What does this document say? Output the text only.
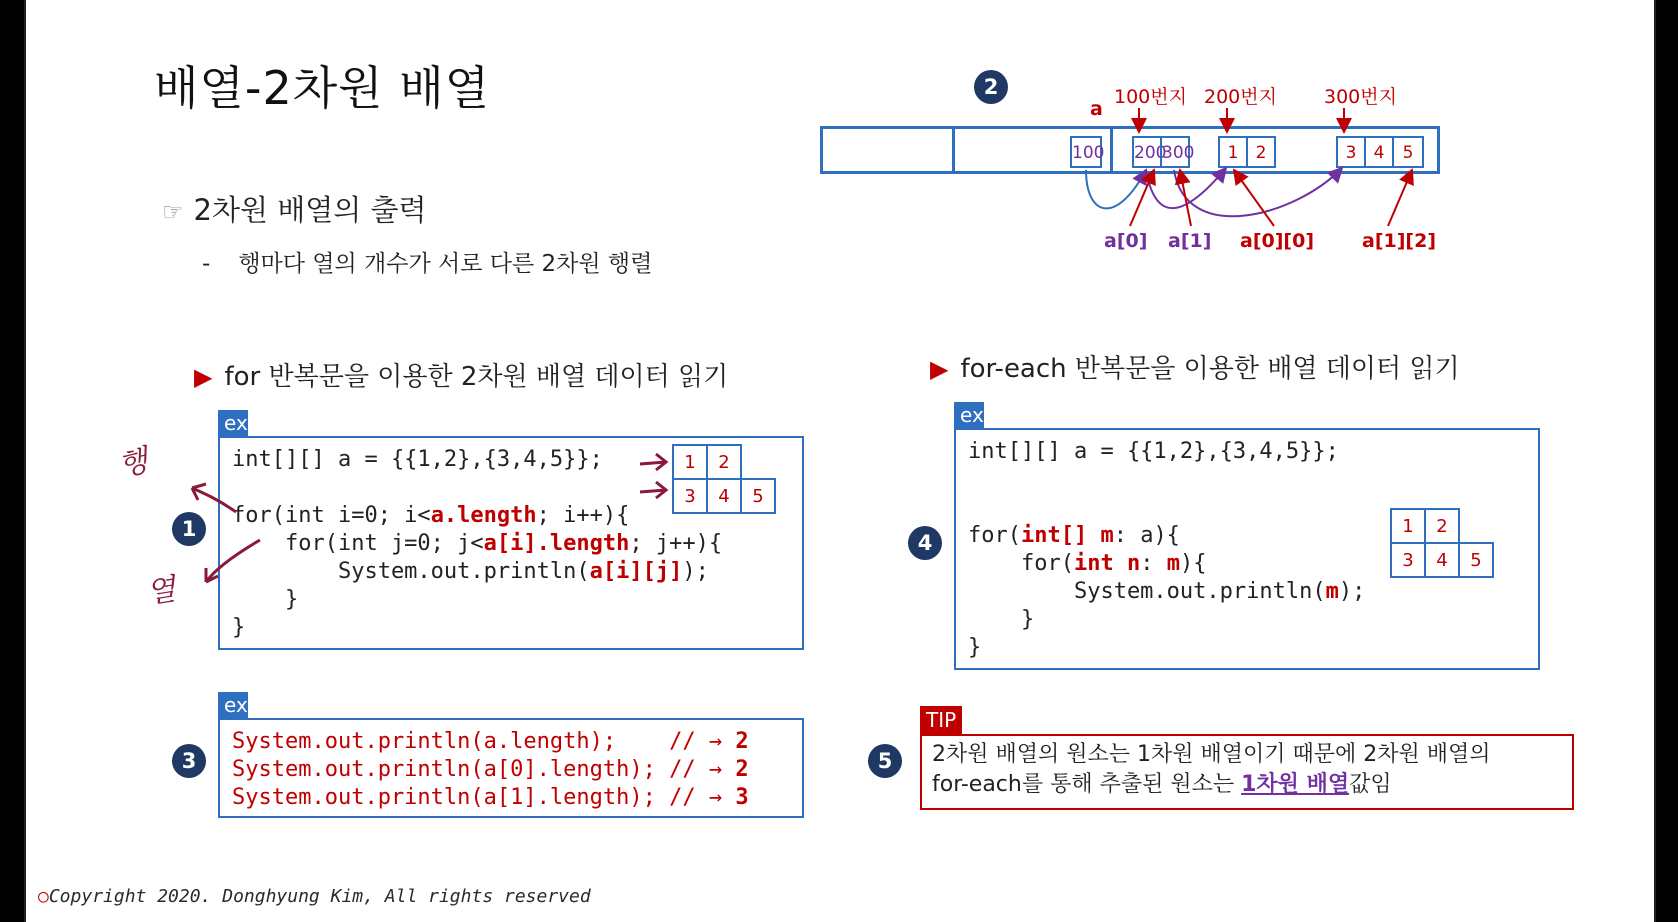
배열-2차원 배열
☞ 2차원 배열의 출력
- 행마다 열의 개수가 서로 다른 2차원 행렬
2	100번지 200번지 300번지
a
100 200
300	1	2	3	4	5
a[0] a[1] a[0][0]	a[1][2]
▶ for 반복문을 이용한 2차원 배열 데이터 읽기
ex
int[][] a = {{1,2},{3,4,5}};

for(int i=0; i<a.length; i++){
for(int j=0; j<a[i].length; j++){
System.out.println(a[i][j]);
}
}
1	2	
3	4	5
1
행
열
ex
System.out.println(a.length);    // → 2
System.out.println(a[0].length); // → 2
System.out.println(a[1].length); // → 3
3
▶ for-each 반복문을 이용한 배열 데이터 읽기
ex
int[][] a = {{1,2},{3,4,5}};

for(int[] m: a){
for(int n: m){
System.out.println(m);
}
}
1	2	
3	4	5
4
TIP
2차원 배열의 원소는 1차원 배열이기 때문에 2차원 배열의
for-each를 통해 추출된 원소는 1차원 배열값임
5
○Copyright 2020. Donghyung Kim, All rights reserved
